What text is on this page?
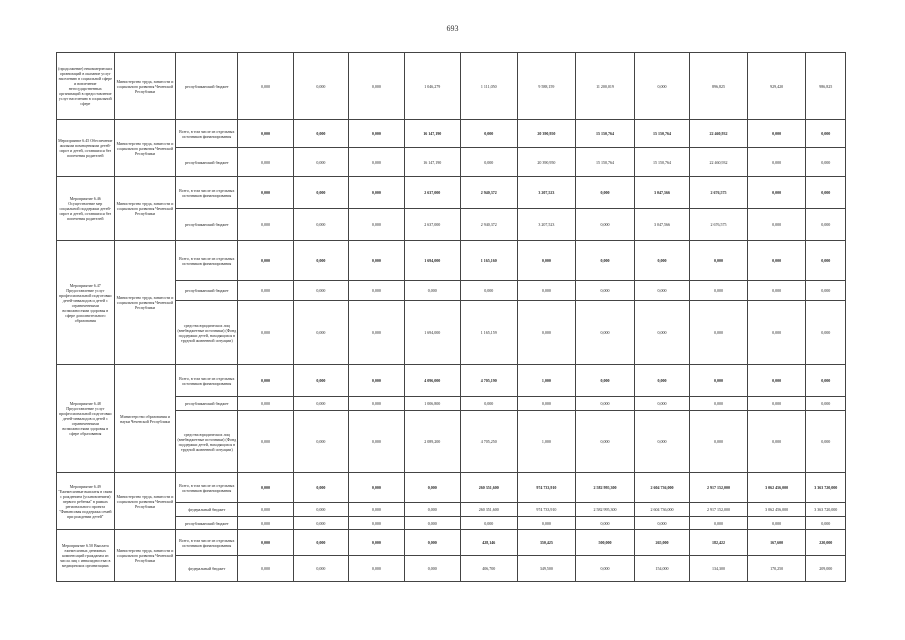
693
(продолжение) некоммерческих организаций в оказание услуг населению в социальной сфере и вовлечение негосударственных организаций в предоставление услуг населению в социальной сфере	Министерство труда, занятости и социального развития Чеченской Республики	республиканский бюджет	0,000	0,000	0,000	1 046,279	1 111,050	9 588,159	11 200,019	0,000	896,825	929,420	986,825
Мероприятие 6.45 Обеспечение жилыми помещениями детей-сирот и детей, оставшихся без попечения родителей	Министерство труда, занятости и социального развития Чеченской Республики	Всего, в том числе из отдельных источников финансирования	0,000	0,000	0,000	16 147,190	0,000	20 390,950	15 150,764	15 150,764	22 460,932	0,000	0,000
		республиканский бюджет	0,000	0,000	0,000	16 147,190	0,000	20 390,950	15 150,764	15 150,764	22 460,932	0,000	0,000
Мероприятие 6.46 Осуществление мер социальной поддержки детей-сирот и детей, оставшихся без попечения родителей	Министерство труда, занятости и социального развития Чеченской Республики	Всего, в том числе из отдельных источников финансирования	0,000	0,000	0,000	2 637,000	2 940,372	3 207,523	0,000	3 047,566	2 676,575	0,000	0,000
		республиканский бюджет	0,000	0,000	0,000	2 637,000	2 940,372	3 207,523	0,000	3 047,566	2 676,575	0,000	0,000
Мероприятие 6.47 Предоставление услуг профессиональной подготовки детей-инвалидов и детей с ограниченными возможностями здоровья в сфере дополнительного образования	Министерство труда, занятости и социального развития Чеченской Республики	Всего, в том числе из отдельных источников финансирования	0,000	0,000	0,000	1 694,000	1 165,160	0,000	0,000	0,000	0,000	0,000	0,000
		республиканский бюджет	0,000	0,000	0,000	0,000	0,000	0,000	0,000	0,000	0,000	0,000	0,000
		средства юридических лиц (внебюджетные источники) (Фонд поддержки детей, находящихся в трудной жизненной ситуации)	0,000	0,000	0,000	1 694,000	1 165,159	0,000	0,000	0,000	0,000	0,000	0,000
Мероприятие 6.48 Предоставление услуг профессиональной подготовки детей-инвалидов и детей с ограниченными возможностями здоровья в сфере образования	Министерство образования и науки Чеченской Республики	Всего, в том числе из отдельных источников финансирования	0,000	0,000	0,000	4 096,000	4 705,190	1,000	0,000	0,000	0,000	0,000	0,000
		республиканский бюджет	0,000	0,000	0,000	1 006,800	0,000	0,000	0,000	0,000	0,000	0,000	0,000
		средства юридических лиц (внебюджетные источники) (Фонд поддержки детей, находящихся в трудной жизненной ситуации)	0,000	0,000	0,000	2 089,200	4 705,250	1,000	0,000	0,000	0,000	0,000	0,000
Мероприятие 6.49 "Ежемесячные выплаты в связи с рождением (усыновлением) первого ребенка" в рамках регионального проекта "Финансовая поддержка семей при рождении детей"	Министерство труда, занятости и социального развития Чеченской Республики	Всего, в том числе из отдельных источников финансирования	0,000	0,000	0,000	0,000	260 351,600	974 733,910	2 582 995,300	2 604 736,000	2 917 152,000	3 062 456,000	3 363 720,000
		федеральный бюджет	0,000	0,000	0,000	0,000	260 351,600	974 733,910	2 582 995,300	2 604 736,000	2 917 152,000	3 062 456,000	3 363 720,000
		республиканский бюджет	0,000	0,000	0,000	0,000	0,000	0,000	0,000	0,000	0,000	0,000	0,000
Мероприятие 6.50 Выплата ежемесячных денежных компенсаций гражданам из числа лиц с инвалидностью в медицинских организациях	Министерство труда, занятости и социального развития Чеченской Республики	Всего, в том числе из отдельных источников финансирования	0,000	0,000	0,000	0,000	428,146	350,425	500,000	265,000	182,422	167,600	220,000
		федеральный бюджет	0,000	0,000	0,000	0,000	406,700	349,500	0,000	154,000	134,300	170,250	209,000
